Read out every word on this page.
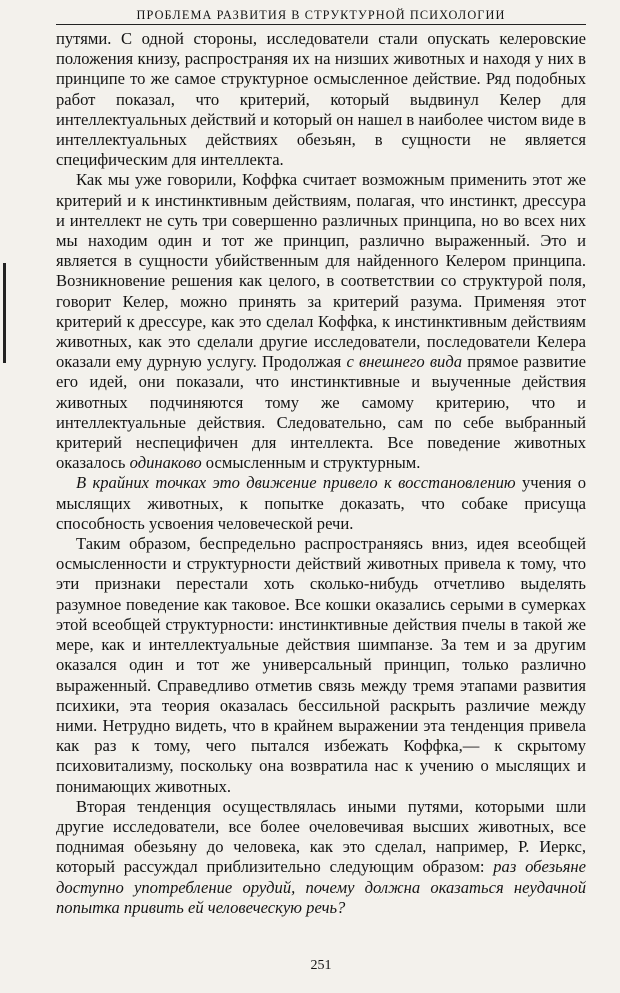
ПРОБЛЕМА РАЗВИТИЯ В СТРУКТУРНОЙ ПСИХОЛОГИИ

путями. С одной стороны, исследователи стали опускать келеровские положения книзу, распространяя их на низших животных и находя у них в принципе то же самое структурное осмысленное действие. Ряд подобных работ показал, что критерий, который выдвинул Келер для интеллектуальных действий и который он нашел в наиболее чистом виде в интеллектуальных действиях обезьян, в сущности не является специфическим для интеллекта.

Как мы уже говорили, Коффка считает возможным применить этот же критерий и к инстинктивным действиям, полагая, что инстинкт, дрессура и интеллект не суть три совершенно различных принципа, но во всех них мы находим один и тот же принцип, различно выраженный. Это и является в сущности убийственным для найденного Келером принципа. Возникновение решения как целого, в соответствии со структурой поля, говорит Келер, можно принять за критерий разума. Применяя этот критерий к дрессуре, как это сделал Коффка, к инстинктивным действиям животных, как это сделали другие исследователи, последователи Келера оказали ему дурную услугу. Продолжая с внешнего вида прямое развитие его идей, они показали, что инстинктивные и выученные действия животных подчиняются тому же самому критерию, что и интеллектуальные действия. Следовательно, сам по себе выбранный критерий неспецифичен для интеллекта. Все поведение животных оказалось одинаково осмысленным и структурным.

В крайних точках это движение привело к восстановлению учения о мыслящих животных, к попытке доказать, что собаке присуща способность усвоения человеческой речи.

Таким образом, беспредельно распространяясь вниз, идея всеобщей осмысленности и структурности действий животных привела к тому, что эти признаки перестали хоть сколько-нибудь отчетливо выделять разумное поведение как таковое. Все кошки оказались серыми в сумерках этой всеобщей структурности: инстинктивные действия пчелы в такой же мере, как и интеллектуальные действия шимпанзе. За тем и за другим оказался один и тот же универсальный принцип, только различно выраженный. Справедливо отметив связь между тремя этапами развития психики, эта теория оказалась бессильной раскрыть различие между ними. Нетрудно видеть, что в крайнем выражении эта тенденция привела как раз к тому, чего пытался избежать Коффка,— к скрытому психовитализму, поскольку она возвратила нас к учению о мыслящих и понимающих животных.

Вторая тенденция осуществлялась иными путями, которыми шли другие исследователи, все более очеловечивая высших животных, все поднимая обезьяну до человека, как это сделал, например, Р. Иеркс, который рассуждал приблизительно следующим образом: раз обезьяне доступно употребление орудий, почему должна оказаться неудачной попытка привить ей человеческую речь?

251
